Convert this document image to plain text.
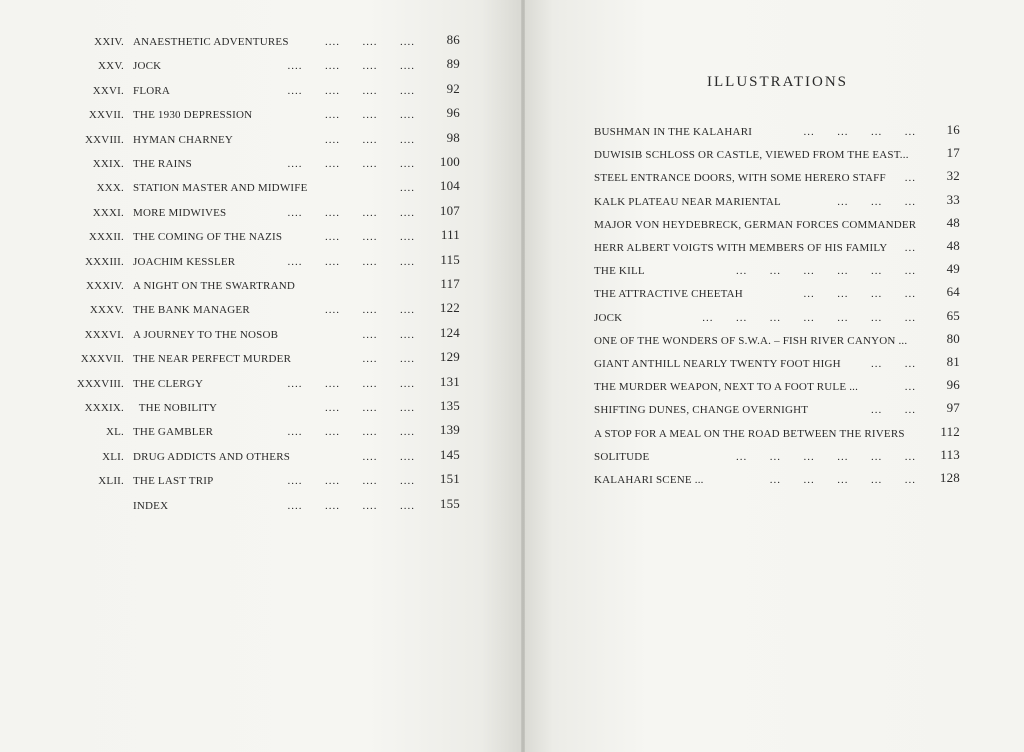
XXIV. ANAESTHETIC ADVENTURES	....      ....      ....	86
XXV. JOCK	....      ....      ....      ....	89
XXVI. FLORA	....      ....      ....      ....	92
XXVII. THE 1930 DEPRESSION	....      ....      ....	96
XXVIII. HYMAN CHARNEY	....      ....      ....	98
XXIX. THE RAINS	....      ....      ....      ....	100
XXX. STATION MASTER AND MIDWIFE	....	104
XXXI. MORE MIDWIVES	....      ....      ....      ....	107
XXXII. THE COMING OF THE NAZIS	....      ....      ....	111
XXXIII. JOACHIM KESSLER	....      ....      ....      ....	115
XXXIV. A NIGHT ON THE SWARTRAND	117
XXXV. THE BANK MANAGER	....      ....      ....	122
XXXVI. A JOURNEY TO THE NOSOB	....      ....	124
XXXVII. THE NEAR PERFECT MURDER	....      ....	129
XXXVIII. THE CLERGY	....      ....      ....      ....	131
XXXIX. THE NOBILITY	....      ....      ....	135
XL. THE GAMBLER	....      ....      ....      ....	139
XLI. DRUG ADDICTS AND OTHERS	....      ....	145
XLII. THE LAST TRIP	....      ....      ....      ....	151
INDEX	....      ....      ....      ....	155
ILLUSTRATIONS
BUSHMAN IN THE KALAHARI	...      ...      ...      ...	16
DUWISIB SCHLOSS OR CASTLE, VIEWED FROM THE EAST...	17
STEEL ENTRANCE DOORS, WITH SOME HERERO STAFF	...	32
KALK PLATEAU NEAR MARIENTAL	...      ...      ...	33
MAJOR VON HEYDEBRECK, GERMAN FORCES COMMANDER	48
HERR ALBERT VOIGTS WITH MEMBERS OF HIS FAMILY	...	48
THE KILL	...      ...      ...      ...      ...      ...	49
THE ATTRACTIVE CHEETAH	...      ...      ...      ...	64
JOCK	...      ...      ...      ...      ...      ...      ...	65
ONE OF THE WONDERS OF S.W.A. – FISH RIVER CANYON ...	80
GIANT ANTHILL NEARLY TWENTY FOOT HIGH	...      ...	81
THE MURDER WEAPON, NEXT TO A FOOT RULE ...	...	96
SHIFTING DUNES, CHANGE OVERNIGHT	...      ...	97
A STOP FOR A MEAL ON THE ROAD BETWEEN THE RIVERS	112
SOLITUDE	...      ...      ...      ...      ...      ...	113
KALAHARI SCENE ...	...      ...      ...      ...      ...	128
